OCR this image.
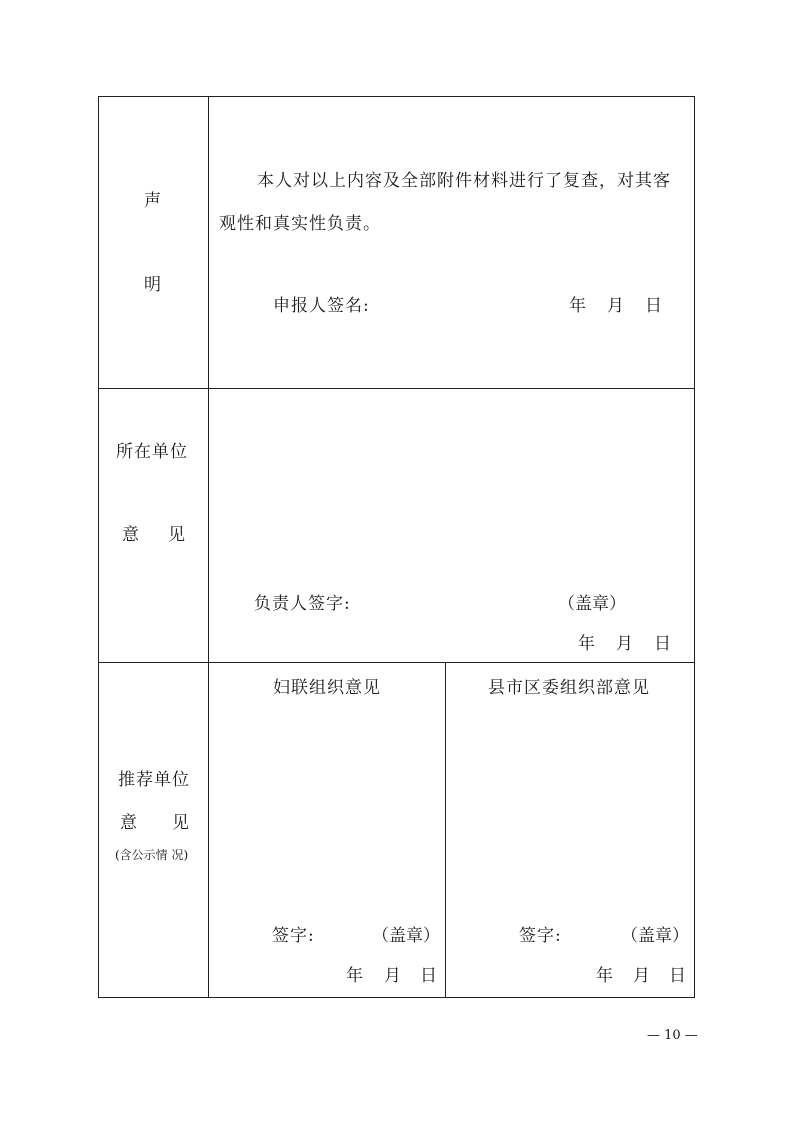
声
明
本人对以上内容及全部附件材料进行了复查，对其客
观性和真实性负责。
申报人签名:	年 月 日
所在单位
意 见
负责人签字:	（盖章）
年 月 日
推荐单位
意 见
(含公示情 况)
妇联组织意见
签字:	（盖章）
年 月 日
县市区委组织部意见
签字:	（盖章）
年 月 日
— 10 —
